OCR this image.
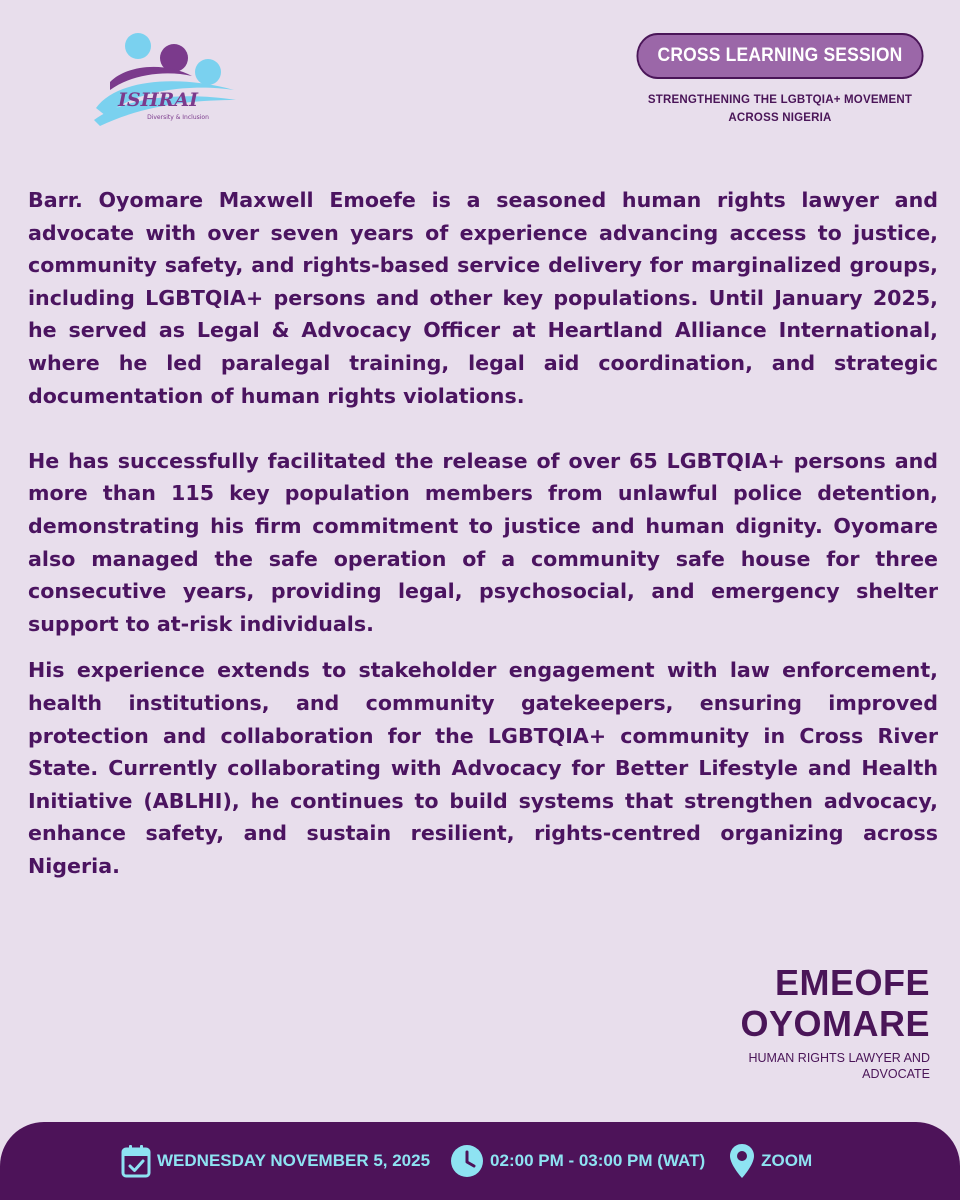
ISHRAI
Diversity & Inclusion
CROSS LEARNING SESSION
STRENGTHENING THE LGBTQIA+ MOVEMENT
ACROSS NIGERIA

Barr. Oyomare Maxwell Emoefe is a seasoned human rights lawyer and advocate with over seven years of experience advancing access to justice, community safety, and rights-based service delivery for marginalized groups, including LGBTQIA+ persons and other key populations. Until January 2025, he served as Legal & Advocacy Officer at Heartland Alliance International, where he led paralegal training, legal aid coordination, and strategic documentation of human rights violations.

He has successfully facilitated the release of over 65 LGBTQIA+ persons and more than 115 key population members from unlawful police detention, demonstrating his firm commitment to justice and human dignity. Oyomare also managed the safe operation of a community safe house for three consecutive years, providing legal, psychosocial, and emergency shelter support to at-risk individuals.

His experience extends to stakeholder engagement with law enforcement, health institutions, and community gatekeepers, ensuring improved protection and collaboration for the LGBTQIA+ community in Cross River State. Currently collaborating with Advocacy for Better Lifestyle and Health Initiative (ABLHI), he continues to build systems that strengthen advocacy, enhance safety, and sustain resilient, rights-centred organizing across Nigeria.

EMEOFE
OYOMARE
HUMAN RIGHTS LAWYER AND ADVOCATE
WEDNESDAY NOVEMBER 5, 2025	02:00 PM - 03:00 PM (WAT)	ZOOM
